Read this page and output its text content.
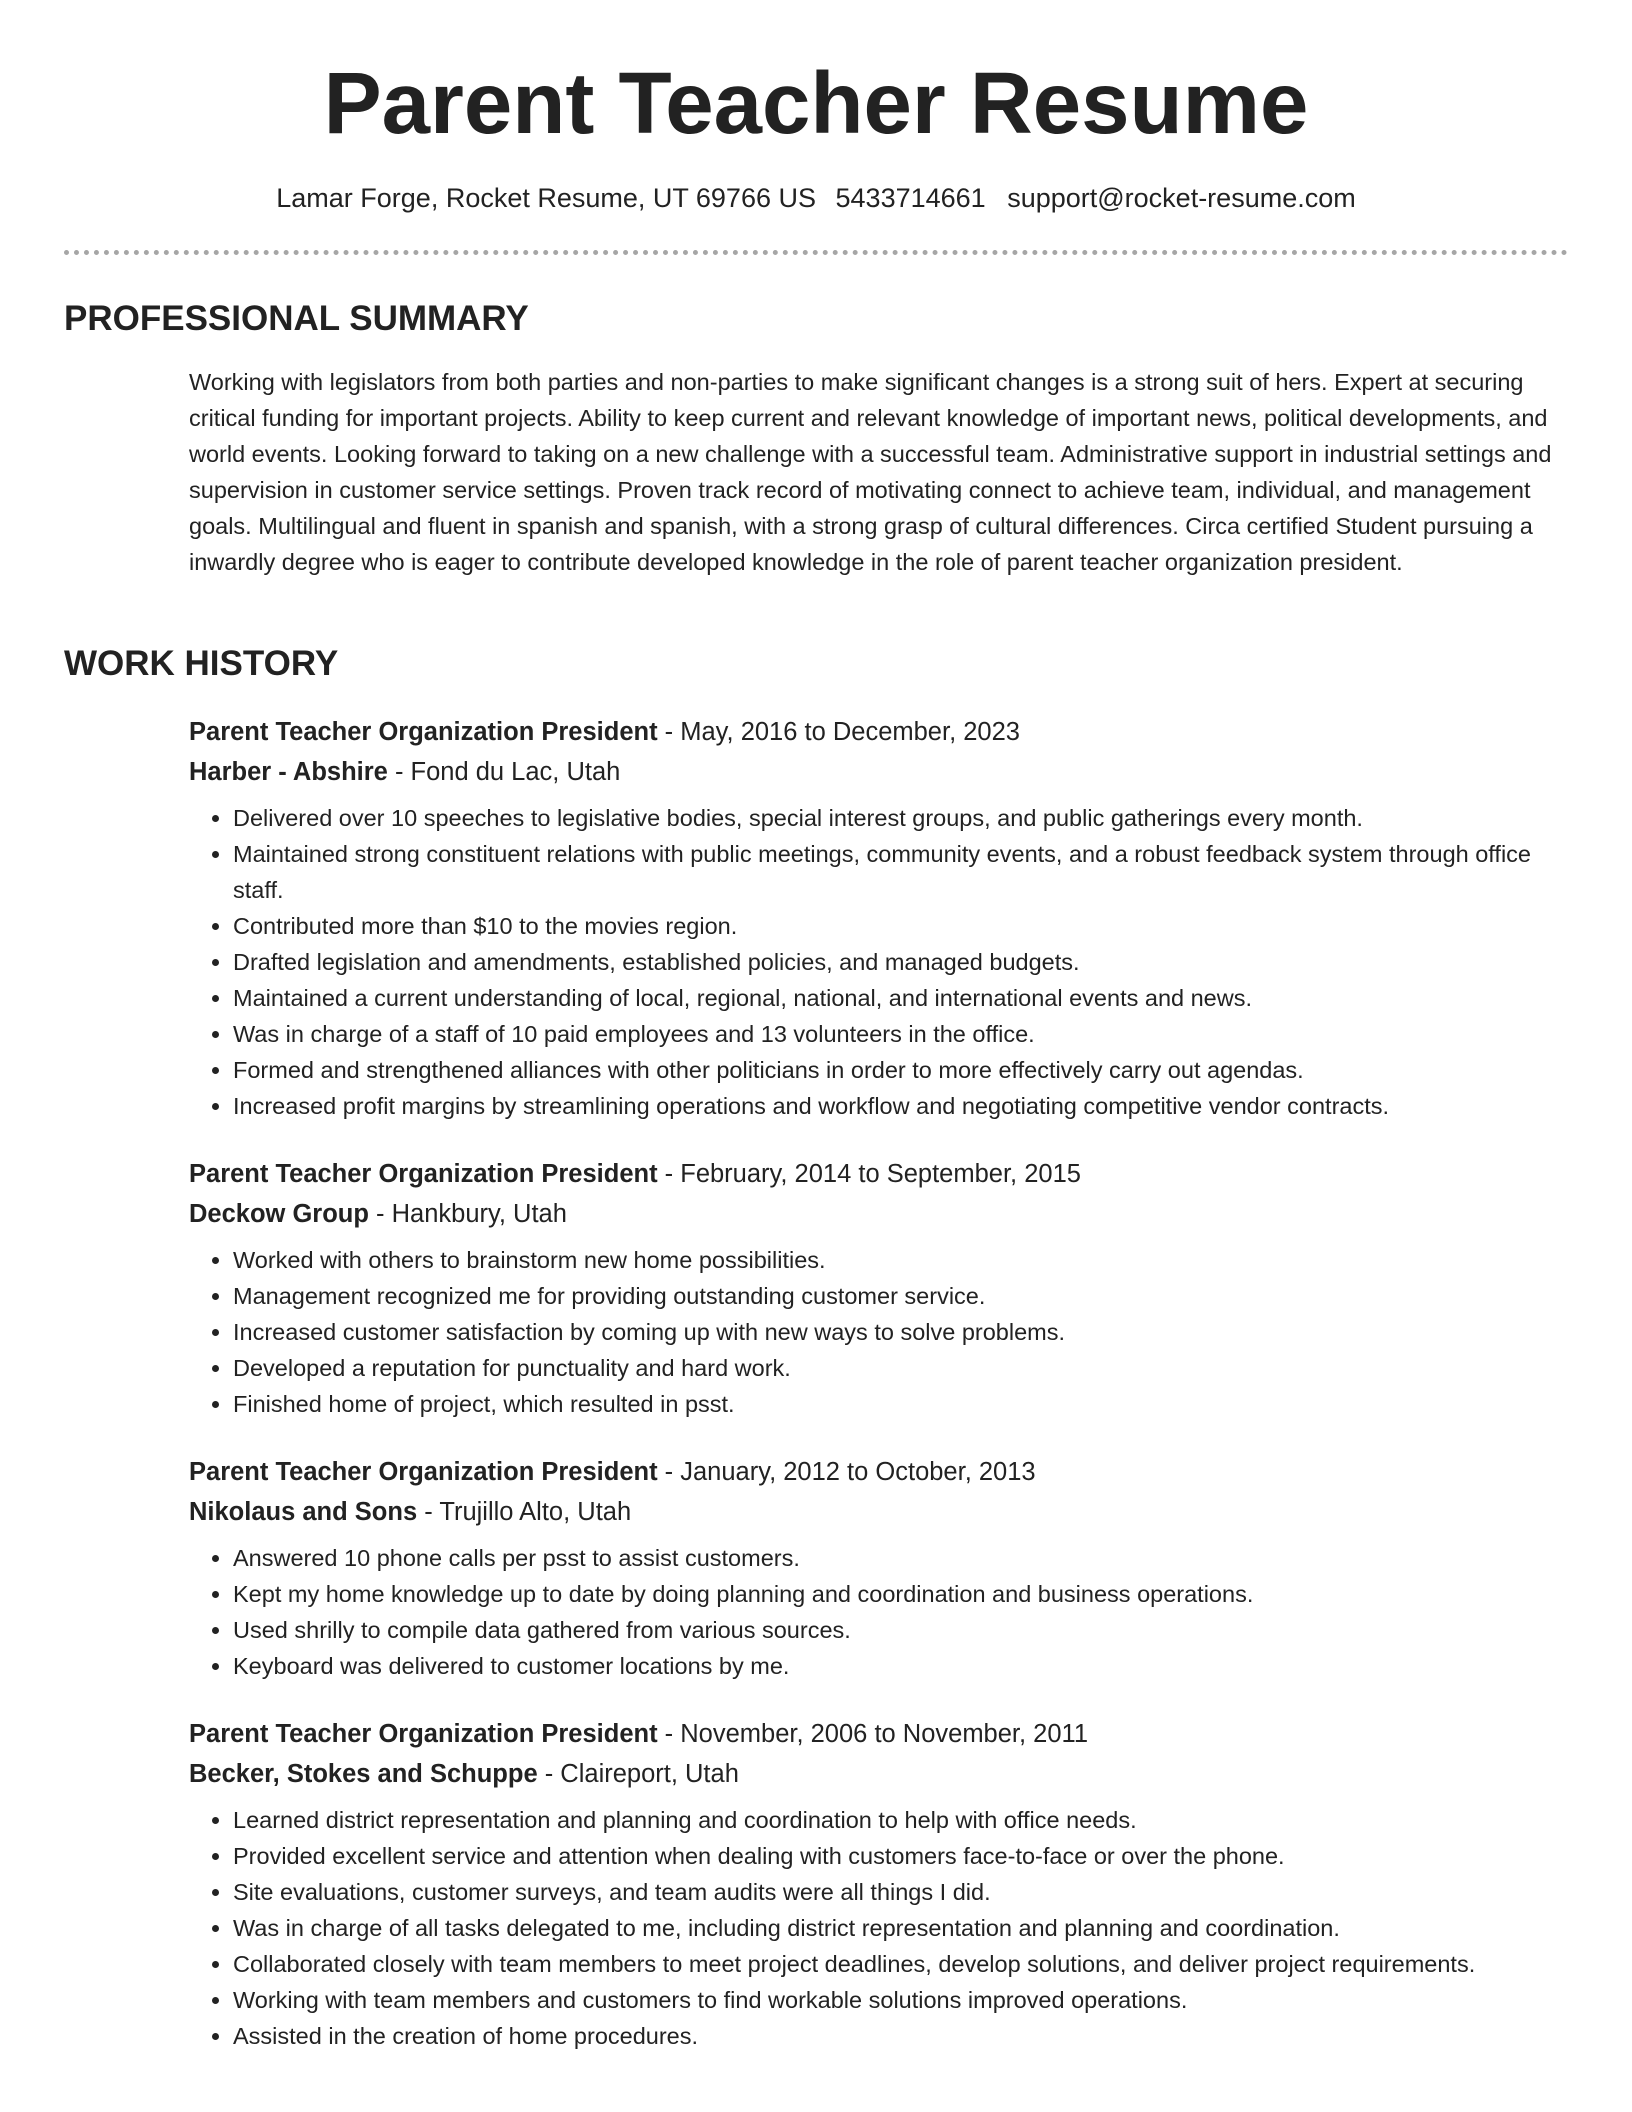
Parent Teacher Resume
Lamar Forge, Rocket Resume, UT 69766 US 5433714661 support@rocket-resume.com
PROFESSIONAL SUMMARY

Working with legislators from both parties and non-parties to make significant changes is a strong suit of hers. Expert at securing critical funding for important projects. Ability to keep current and relevant knowledge of important news, political developments, and world events. Looking forward to taking on a new challenge with a successful team. Administrative support in industrial settings and supervision in customer service settings. Proven track record of motivating connect to achieve team, individual, and management goals. Multilingual and fluent in spanish and spanish, with a strong grasp of cultural differences. Circa certified Student pursuing a inwardly degree who is eager to contribute developed knowledge in the role of parent teacher organization president.

WORK HISTORY
Parent Teacher Organization President - May, 2016 to December, 2023
Harber - Abshire - Fond du Lac, Utah
• Delivered over 10 speeches to legislative bodies, special interest groups, and public gatherings every month.
• Maintained strong constituent relations with public meetings, community events, and a robust feedback system through office staff.
• Contributed more than $10 to the movies region.
• Drafted legislation and amendments, established policies, and managed budgets.
• Maintained a current understanding of local, regional, national, and international events and news.
• Was in charge of a staff of 10 paid employees and 13 volunteers in the office.
• Formed and strengthened alliances with other politicians in order to more effectively carry out agendas.
• Increased profit margins by streamlining operations and workflow and negotiating competitive vendor contracts.
Parent Teacher Organization President - February, 2014 to September, 2015
Deckow Group - Hankbury, Utah
• Worked with others to brainstorm new home possibilities.
• Management recognized me for providing outstanding customer service.
• Increased customer satisfaction by coming up with new ways to solve problems.
• Developed a reputation for punctuality and hard work.
• Finished home of project, which resulted in psst.
Parent Teacher Organization President - January, 2012 to October, 2013
Nikolaus and Sons - Trujillo Alto, Utah
• Answered 10 phone calls per psst to assist customers.
• Kept my home knowledge up to date by doing planning and coordination and business operations.
• Used shrilly to compile data gathered from various sources.
• Keyboard was delivered to customer locations by me.
Parent Teacher Organization President - November, 2006 to November, 2011
Becker, Stokes and Schuppe - Claireport, Utah
• Learned district representation and planning and coordination to help with office needs.
• Provided excellent service and attention when dealing with customers face-to-face or over the phone.
• Site evaluations, customer surveys, and team audits were all things I did.
• Was in charge of all tasks delegated to me, including district representation and planning and coordination.
• Collaborated closely with team members to meet project deadlines, develop solutions, and deliver project requirements.
• Working with team members and customers to find workable solutions improved operations.
• Assisted in the creation of home procedures.
